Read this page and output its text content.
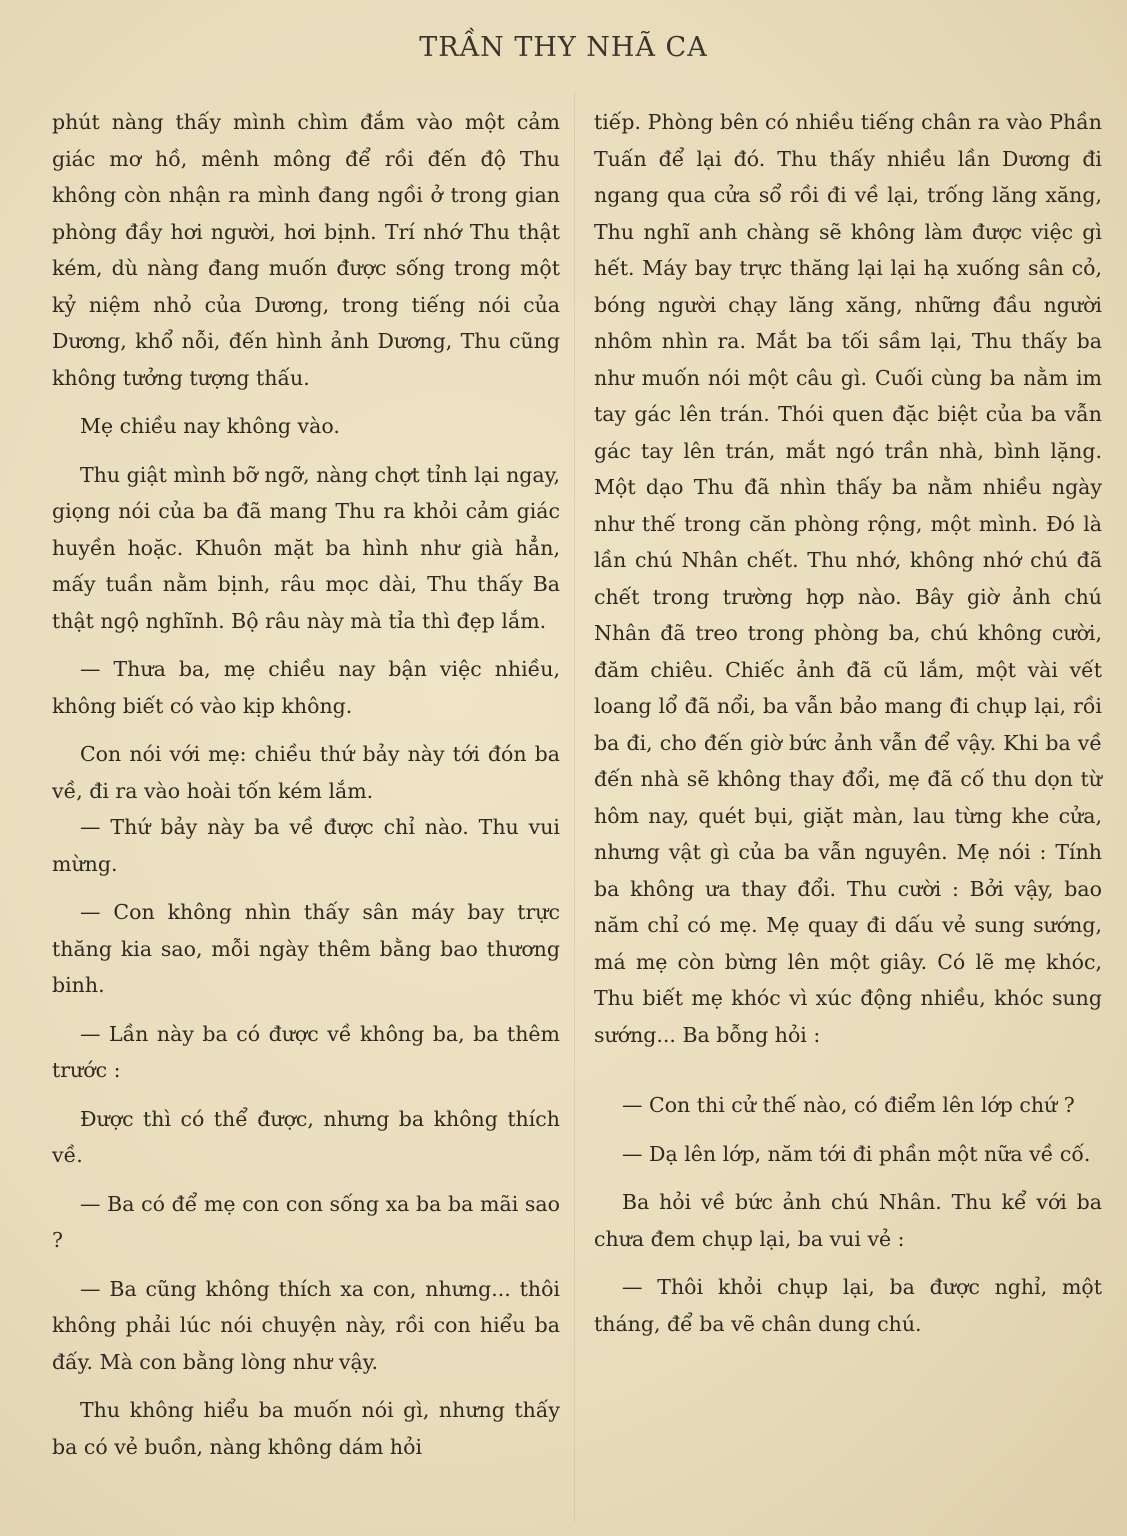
TRẦN THY NHÃ CA

phút nàng thấy mình chìm đắm vào một cảm giác mơ hồ, mênh mông để rồi đến độ Thu không còn nhận ra mình đang ngồi ở trong gian phòng đầy hơi người, hơi bịnh. Trí nhớ Thu thật kém, dù nàng đang muốn được sống trong một kỷ niệm nhỏ của Dương, trong tiếng nói của Dương, khổ nỗi, đến hình ảnh Dương, Thu cũng không tưởng tượng thấu.

Mẹ chiều nay không vào.

Thu giật mình bỡ ngỡ, nàng chợt tỉnh lại ngay, giọng nói của ba đã mang Thu ra khỏi cảm giác huyền hoặc. Khuôn mặt ba hình như già hẳn, mấy tuần nằm bịnh, râu mọc dài, Thu thấy Ba thật ngộ nghĩnh. Bộ râu này mà tỉa thì đẹp lắm.

— Thưa ba, mẹ chiều nay bận việc nhiều, không biết có vào kịp không.

Con nói với mẹ: chiều thứ bảy này tới đón ba về, đi ra vào hoài tốn kém lắm.

— Thứ bảy này ba về được chỉ nào. Thu vui mừng.

— Con không nhìn thấy sân máy bay trực thăng kia sao, mỗi ngày thêm bằng bao thương binh.

— Lần này ba có được về không ba, ba thêm trước :

Được thì có thể được, nhưng ba không thích về.

— Ba có để mẹ con con sống xa ba ba mãi sao ?

— Ba cũng không thích xa con, nhưng... thôi không phải lúc nói chuyện này, rồi con hiểu ba đấy. Mà con bằng lòng như vậy.

Thu không hiểu ba muốn nói gì, nhưng thấy ba có vẻ buồn, nàng không dám hỏi

tiếp. Phòng bên có nhiều tiếng chân ra vào Phần Tuấn để lại đó. Thu thấy nhiều lần Dương đi ngang qua cửa sổ rồi đi về lại, trống lăng xăng, Thu nghĩ anh chàng sẽ không làm được việc gì hết. Máy bay trực thăng lại lại hạ xuống sân cỏ, bóng người chạy lăng xăng, những đầu người nhôm nhìn ra. Mắt ba tối sầm lại, Thu thấy ba như muốn nói một câu gì. Cuối cùng ba nằm im tay gác lên trán. Thói quen đặc biệt của ba vẫn gác tay lên trán, mắt ngó trần nhà, bình lặng. Một dạo Thu đã nhìn thấy ba nằm nhiều ngày như thế trong căn phòng rộng, một mình. Đó là lần chú Nhân chết. Thu nhớ, không nhớ chú đã chết trong trường hợp nào. Bây giờ ảnh chú Nhân đã treo trong phòng ba, chú không cười, đăm chiêu. Chiếc ảnh đã cũ lắm, một vài vết loang lổ đã nổi, ba vẫn bảo mang đi chụp lại, rồi ba đi, cho đến giờ bức ảnh vẫn để vậy. Khi ba về đến nhà sẽ không thay đổi, mẹ đã cố thu dọn từ hôm nay, quét bụi, giặt màn, lau từng khe cửa, nhưng vật gì của ba vẫn nguyên. Mẹ nói : Tính ba không ưa thay đổi. Thu cười : Bởi vậy, bao năm chỉ có mẹ. Mẹ quay đi dấu vẻ sung sướng, má mẹ còn bừng lên một giây. Có lẽ mẹ khóc, Thu biết mẹ khóc vì xúc động nhiều, khóc sung sướng... Ba bỗng hỏi :

— Con thi cử thế nào, có điểm lên lớp chứ ?

— Dạ lên lớp, năm tới đi phần một nữa về cố.

Ba hỏi về bức ảnh chú Nhân. Thu kể với ba chưa đem chụp lại, ba vui vẻ :

— Thôi khỏi chụp lại, ba được nghỉ, một tháng, để ba vẽ chân dung chú.
